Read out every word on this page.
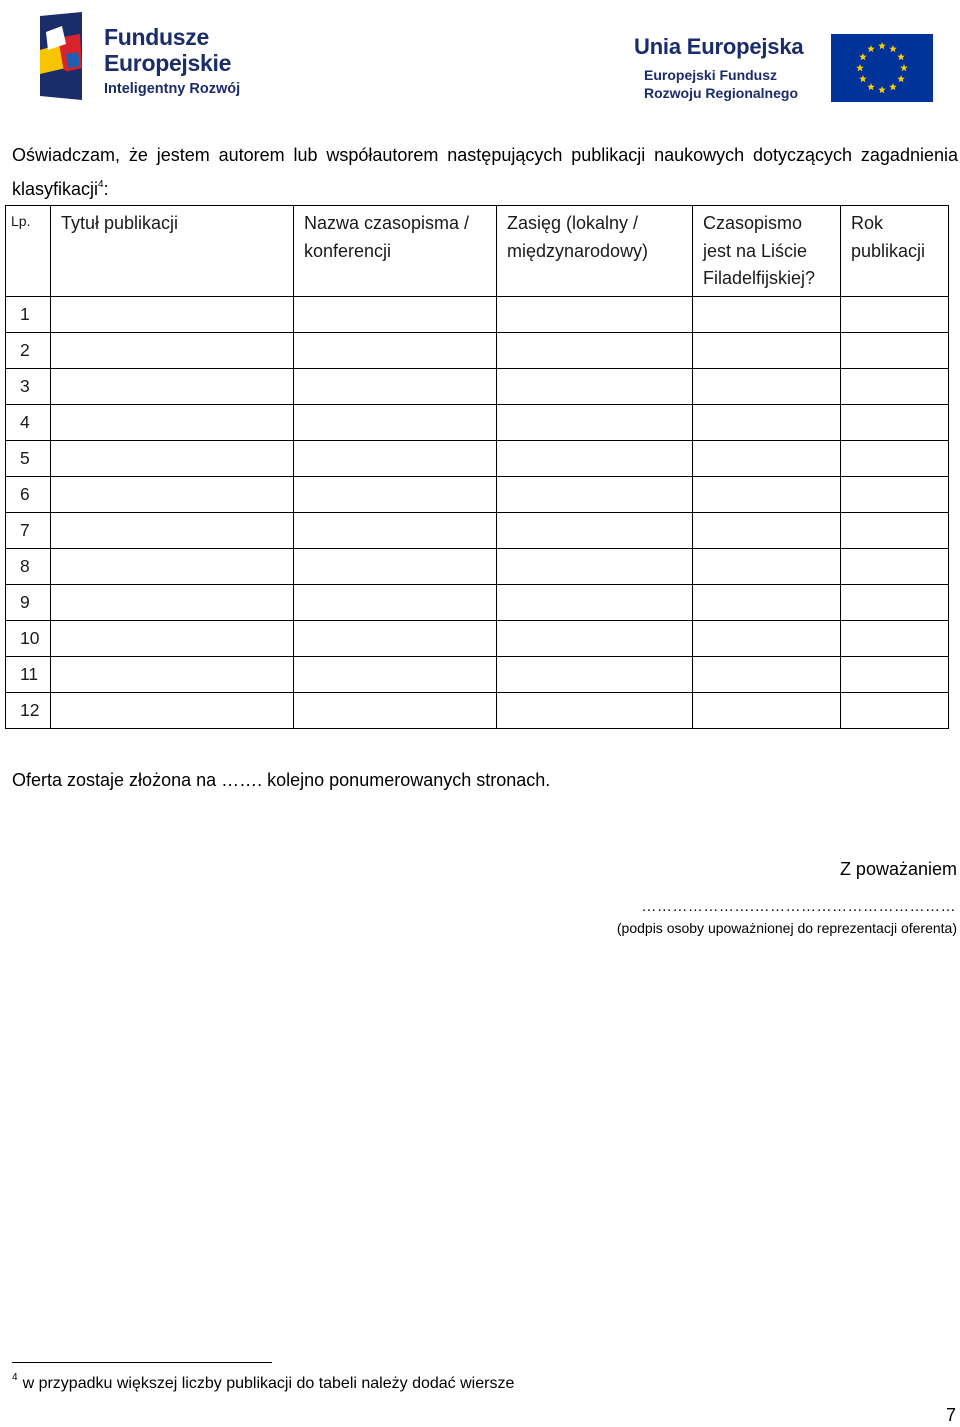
Fundusze
Europejskie
Inteligentny Rozwój
Unia Europejska
Europejski Fundusz
Rozwoju Regionalnego
Oświadczam, że jestem autorem lub współautorem następujących publikacji naukowych dotyczących zagadnienia klasyfikacji$^4$:
Lp.	Tytuł publikacji	Nazwa czasopisma / konferencji	Zasięg (lokalny / międzynarodowy)	Czasopismo jest na Liście Filadelfijskiej?	Rok publikacji
1					
2					
3					
4					
5					
6					
7					
8					
9					
10					
11					
12					
Oferta zostaje złożona na ……. kolejno ponumerowanych stronach.
Z poważaniem
………………….…………………………………
(podpis osoby upoważnionej do reprezentacji oferenta)
$^4$ w przypadku większej liczby publikacji do tabeli należy dodać wiersze
7
